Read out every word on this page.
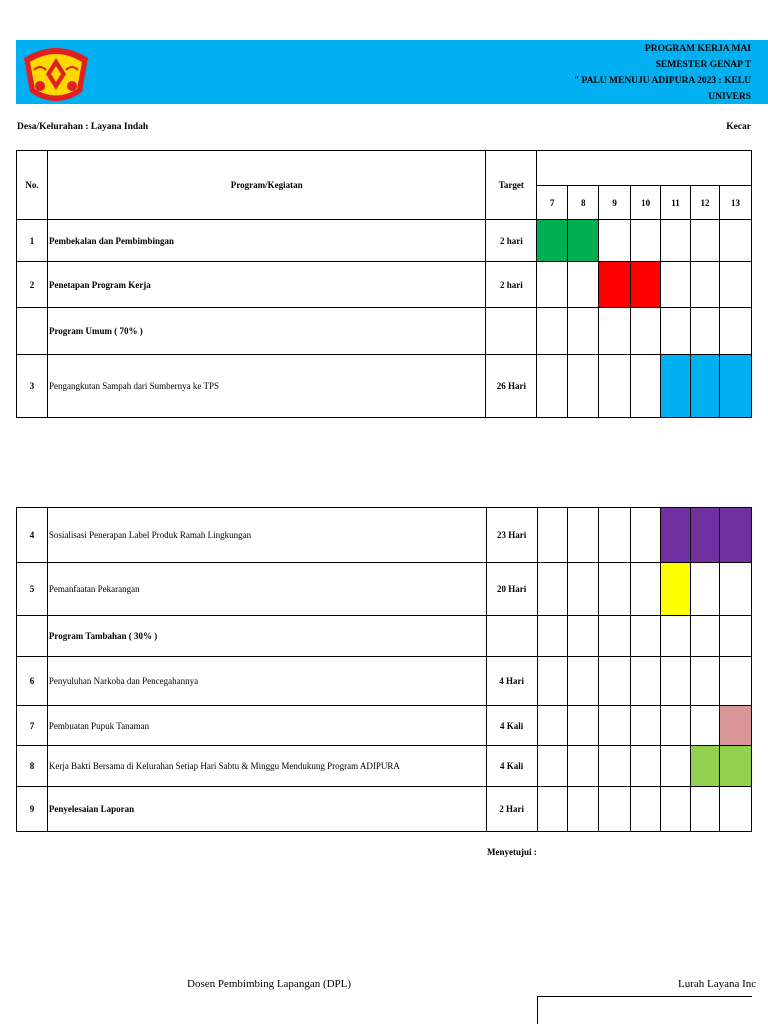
PROGRAM KERJA MAI
SEMESTER GENAP T
" PALU MENUJU ADIPURA 2023 : KELU
UNIVERS
Desa/Kelurahan : Layana Indah	Kecar
No.	Program/Kegiatan	Target							
			7	8	9	10	11	12	13
1	Pembekalan dan Pembimbingan	2 hari							
2	Penetapan Program Kerja	2 hari							
	Program Umum ( 70% )								
3	Pengangkutan Sampah dari Sumbernya ke TPS	26 Hari							
4	Sosialisasi Penerapan Label Produk Ramah Lingkungan	23 Hari							
5	Pemanfaatan Pekarangan	20 Hari							
	Program Tambahan ( 30% )								
6	Penyuluhan Narkoba dan Pencegahannya	4 Hari							
7	Pembuatan Pupuk Tanaman	4 Kali							
8	Kerja Bakti Bersama di Kelurahan Setiap Hari Sabtu & Minggu Mendukung Program ADIPURA	4 Kali							
9	Penyelesaian Laporan	2 Hari							
Menyetujui :
Dosen Pembimbing Lapangan (DPL)	Lurah Layana Inc
